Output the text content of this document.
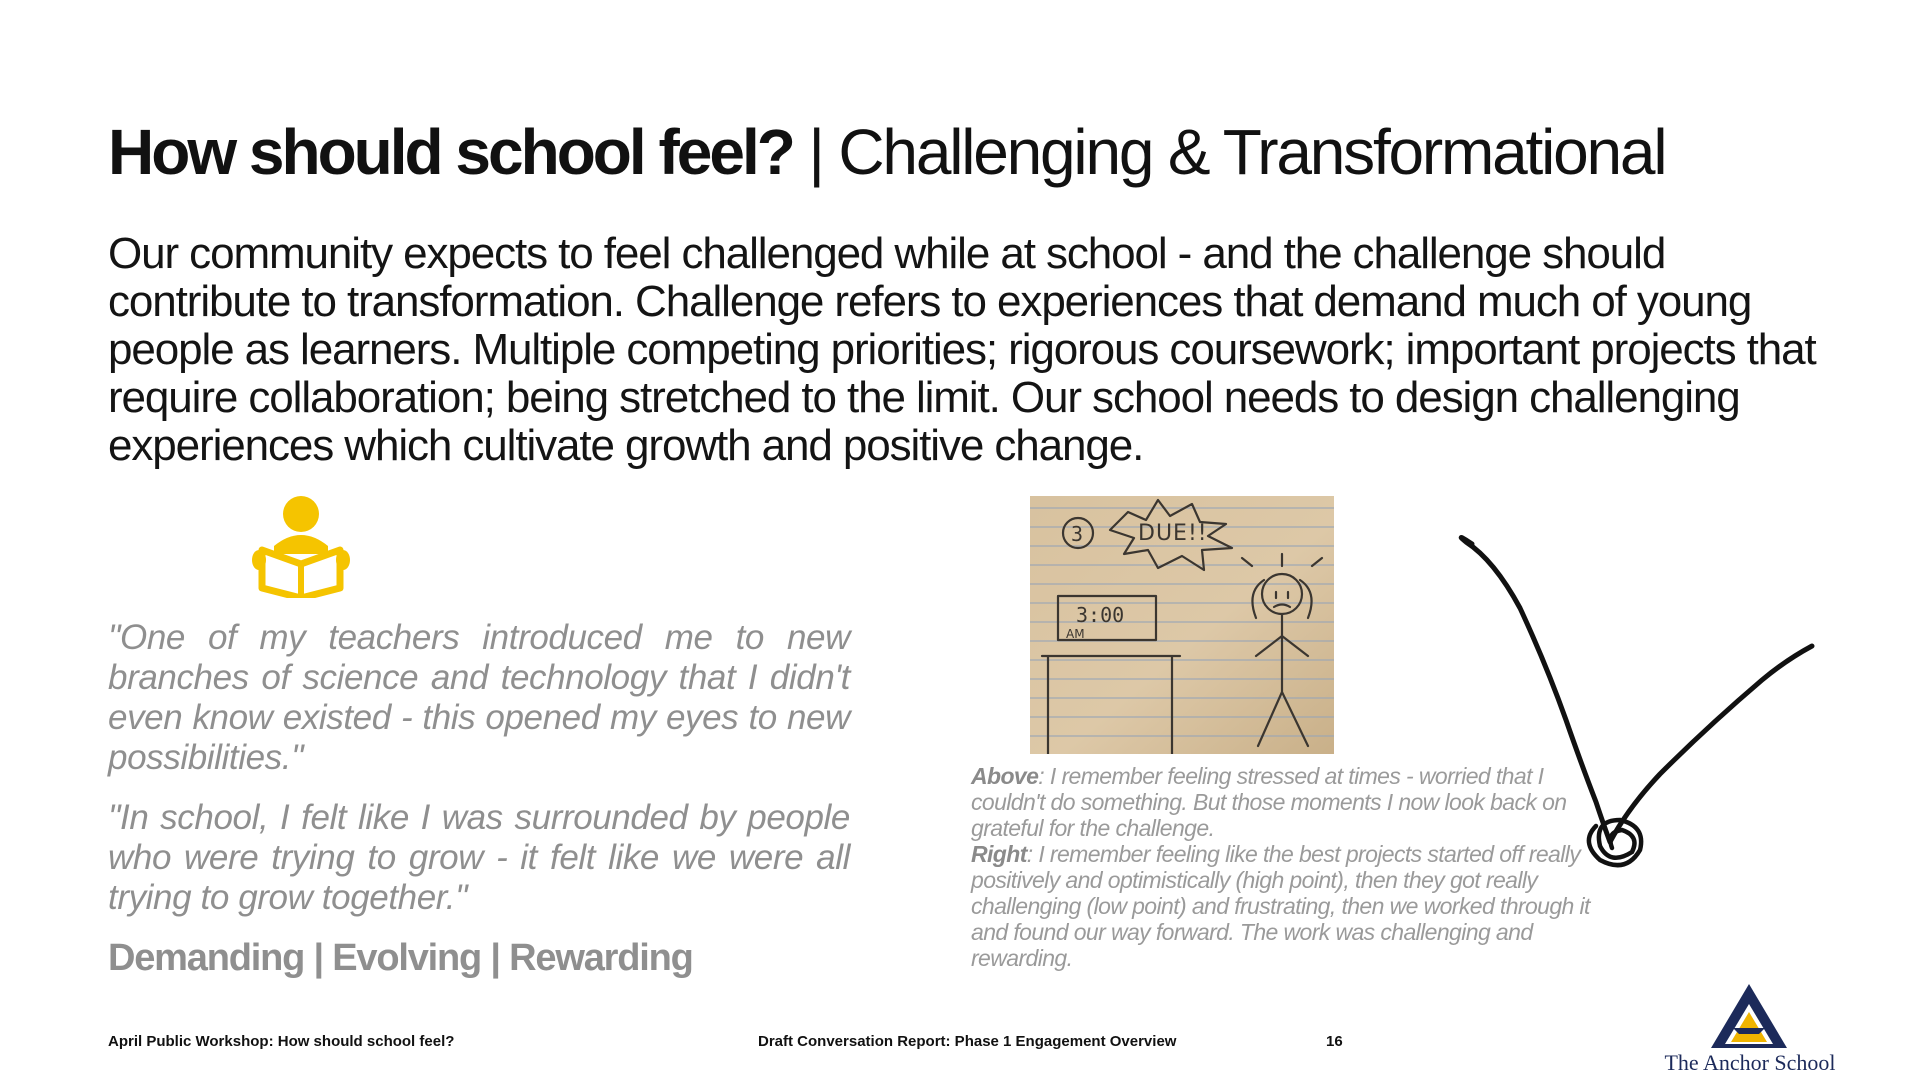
How should school feel? | Challenging & Transformational
Our community expects to feel challenged while at school - and the challenge should contribute to transformation. Challenge refers to experiences that demand much of young people as learners. Multiple competing priorities; rigorous coursework; important projects that require collaboration; being stretched to the limit. Our school needs to design challenging experiences which cultivate growth and positive change.
"One of my teachers introduced me to new branches of science and technology that I didn't even know existed - this opened my eyes to new possibilities."
"In school, I felt like I was surrounded by people who were trying to grow - it felt like we were all trying to grow together."
Demanding | Evolving | Rewarding
3 DUE!!
3:00
AM
Above: I remember feeling stressed at times - worried that I couldn't do something. But those moments I now look back on grateful for the challenge.
Right: I remember feeling like the best projects started off really positively and optimistically (high point), then they got really challenging (low point) and frustrating, then we worked through it and found our way forward. The work was challenging and rewarding.
April Public Workshop: How should school feel?	Draft Conversation Report: Phase 1 Engagement Overview	16
The Anchor School
